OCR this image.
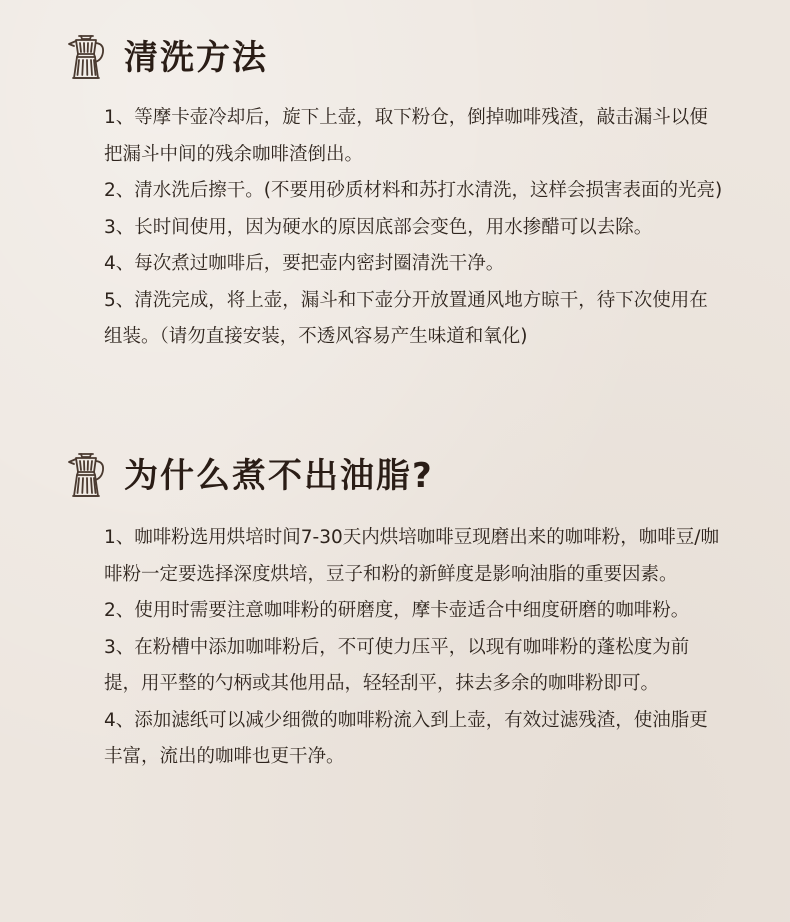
清洗方法
1、等摩卡壶冷却后，旋下上壶，取下粉仓，倒掉咖啡残渣，敲击漏斗以便把漏斗中间的残余咖啡渣倒出。
2、清水洗后擦干。(不要用砂质材料和苏打水清洗，这样会损害表面的光亮)
3、长时间使用，因为硬水的原因底部会变色，用水掺醋可以去除。
4、每次煮过咖啡后，要把壶内密封圈清洗干净。
5、清洗完成，将上壶，漏斗和下壶分开放置通风地方晾干，待下次使用在组装。（请勿直接安装，不透风容易产生味道和氧化)
为什么煮不出油脂?
1、咖啡粉选用烘培时间7-30天内烘培咖啡豆现磨出来的咖啡粉，咖啡豆/咖啡粉一定要选择深度烘培，豆子和粉的新鲜度是影响油脂的重要因素。
2、使用时需要注意咖啡粉的研磨度，摩卡壶适合中细度研磨的咖啡粉。
3、在粉槽中添加咖啡粉后，不可使力压平，以现有咖啡粉的蓬松度为前提，用平整的勺柄或其他用品，轻轻刮平，抹去多余的咖啡粉即可。
4、添加滤纸可以减少细微的咖啡粉流入到上壶，有效过滤残渣，使油脂更丰富，流出的咖啡也更干净。
